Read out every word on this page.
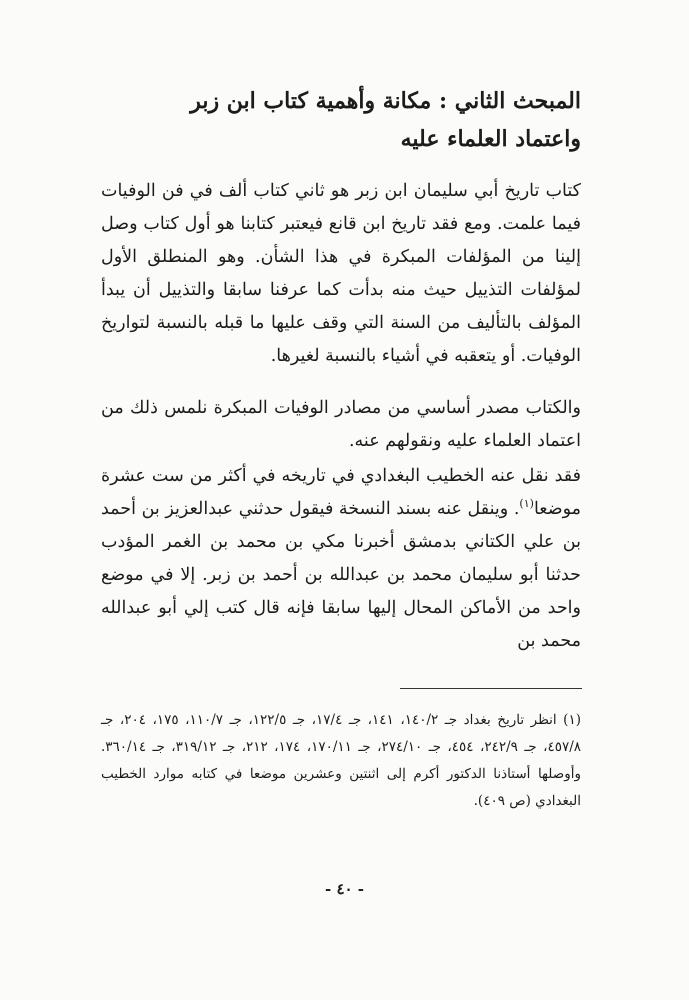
المبحث الثاني : مكانة وأهمية كتاب ابن زبر
واعتماد العلماء عليه

كتاب تاريخ أبي سليمان ابن زبر هو ثاني كتاب ألف في فن الوفيات فيما علمت. ومع فقد تاريخ ابن قانع فيعتبر كتابنا هو أول كتاب وصل إلينا من المؤلفات المبكرة في هذا الشأن. وهو المنطلق الأول لمؤلفات التذييل حيث منه بدأت كما عرفنا سابقا والتذييل أن يبدأ المؤلف بالتأليف من السنة التي وقف عليها ما قبله بالنسبة لتواريخ الوفيات. أو يتعقبه في أشياء بالنسبة لغيرها.

والكتاب مصدر أساسي من مصادر الوفيات المبكرة نلمس ذلك من اعتماد العلماء عليه ونقولهم عنه.

فقد نقل عنه الخطيب البغدادي في تاريخه في أكثر من ست عشرة موضعا$^{(١)}$. وينقل عنه بسند النسخة فيقول حدثني عبدالعزيز بن أحمد بن علي الكتاني بدمشق أخبرنا مكي بن محمد بن الغمر المؤدب حدثنا أبو سليمان محمد بن عبدالله بن أحمد بن زبر. إلا في موضع واحد من الأماكن المحال إليها سابقا فإنه قال كتب إلي أبو عبدالله محمد بن

(١) انظر تاريخ بغداد جـ ١٤٠/٢، ١٤١، جـ ١٧/٤، جـ ١٢٢/٥، جـ ١١٠/٧، ١٧٥، ٢٠٤، جـ ٤٥٧/٨، جـ ٢٤٢/٩، ٤٥٤، جـ ٢٧٤/١٠، جـ ١٧٠/١١، ١٧٤، ٢١٢، جـ ٣١٩/١٢، جـ ٣٦٠/١٤. وأوصلها أستاذنا الدكتور أكرم إلى اثنتين وعشرين موضعا في كتابه موارد الخطيب البغدادي (ص ٤٠٩).

- ٤٠ -
